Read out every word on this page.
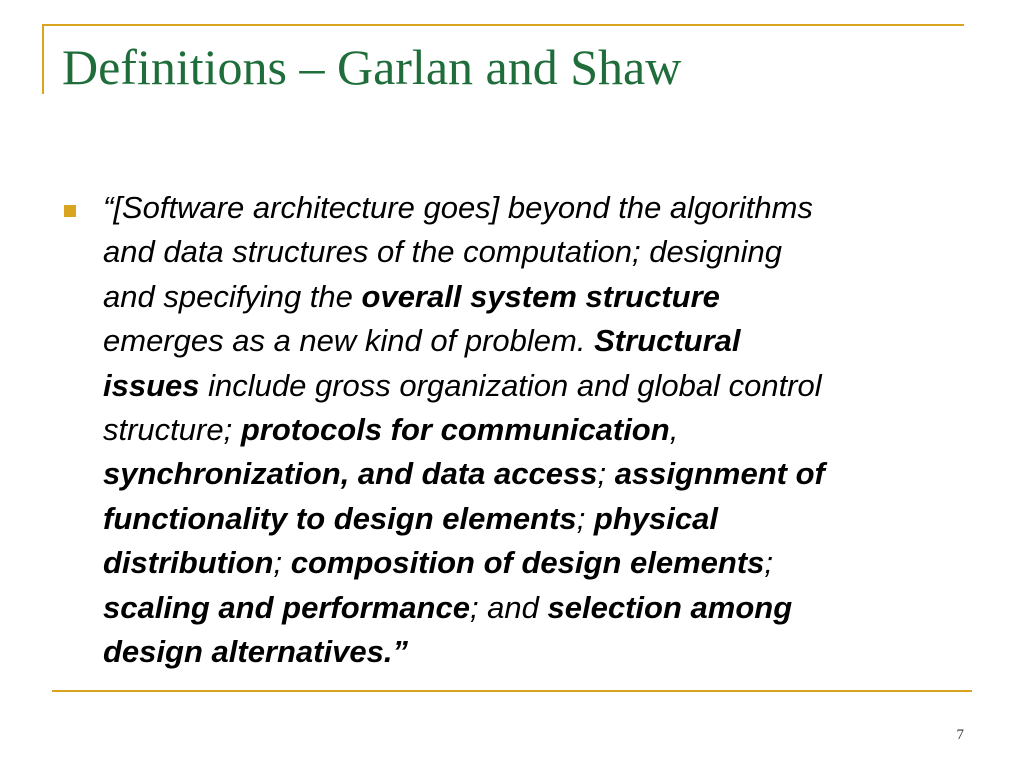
Definitions – Garlan and Shaw

“[Software architecture goes] beyond the algorithms
and data structures of the computation; designing
and specifying the overall system structure
emerges as a new kind of problem. Structural
issues include gross organization and global control
structure; protocols for communication,
synchronization, and data access; assignment of
functionality to design elements; physical
distribution; composition of design elements;
scaling and performance; and selection among
design alternatives.”

7
